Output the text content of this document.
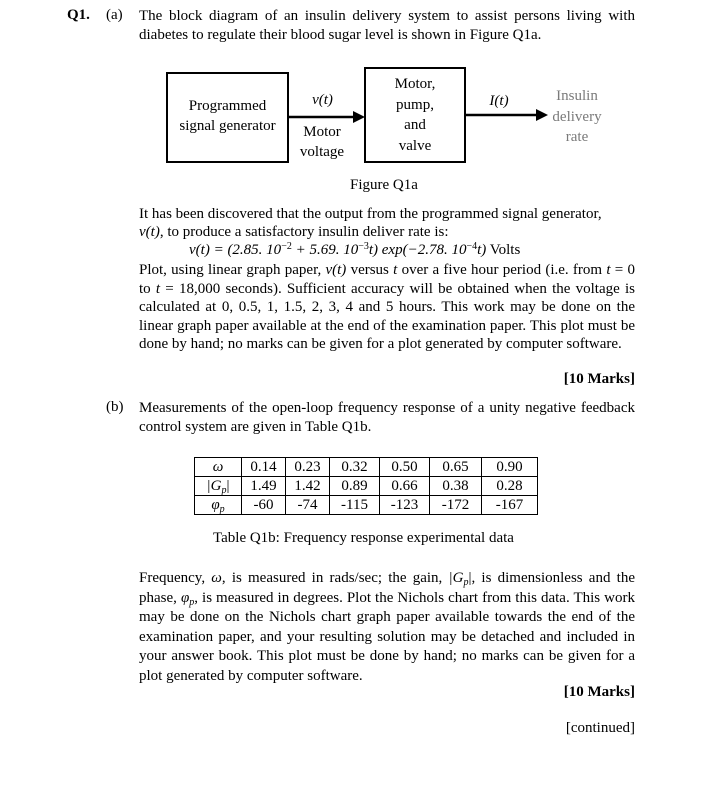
Q1. (a) The block diagram of an insulin delivery system to assist persons living with diabetes to regulate their blood sugar level is shown in Figure Q1a.
Programmed
signal generator
v(t)
Motor
voltage
Motor,
pump,
and
valve
I(t)	Insulin
delivery
rate
Figure Q1a
It has been discovered that the output from the programmed signal generator,
v(t), to produce a satisfactory insulin deliver rate is:
v(t) = (2.85. $10^{-2} + 5.69$. $10^{-3}t$) exp(−2.78. $10^{-4}t$) Volts
Plot, using linear graph paper, v(t) versus t over a five hour period (i.e. from t = 0 to t = 18,000 seconds). Sufficient accuracy will be obtained when the voltage is calculated at 0, 0.5, 1, 1.5, 2, 3, 4 and 5 hours. This work may be done on the linear graph paper available at the end of the examination paper. This plot must be done by hand; no marks can be given for a plot generated by computer software.
[10 Marks]
(b) Measurements of the open-loop frequency response of a unity negative feedback control system are given in Table Q1b.
ω	0.14	0.23	0.32	0.50	0.65	0.90
$|G_p|$	1.49	1.42	0.89	0.66	0.38	0.28
$\varphi_p$	-60	-74	-115	-123	-172	-167
Table Q1b: Frequency response experimental data
Frequency, ω, is measured in rads/sec; the gain, $|G_p|$, is dimensionless and the phase, $\varphi_p$, is measured in degrees. Plot the Nichols chart from this data. This work may be done on the Nichols chart graph paper available towards the end of the examination paper, and your resulting solution may be detached and included in your answer book. This plot must be done by hand; no marks can be given for a plot generated by computer software.
[10 Marks]
[continued]
